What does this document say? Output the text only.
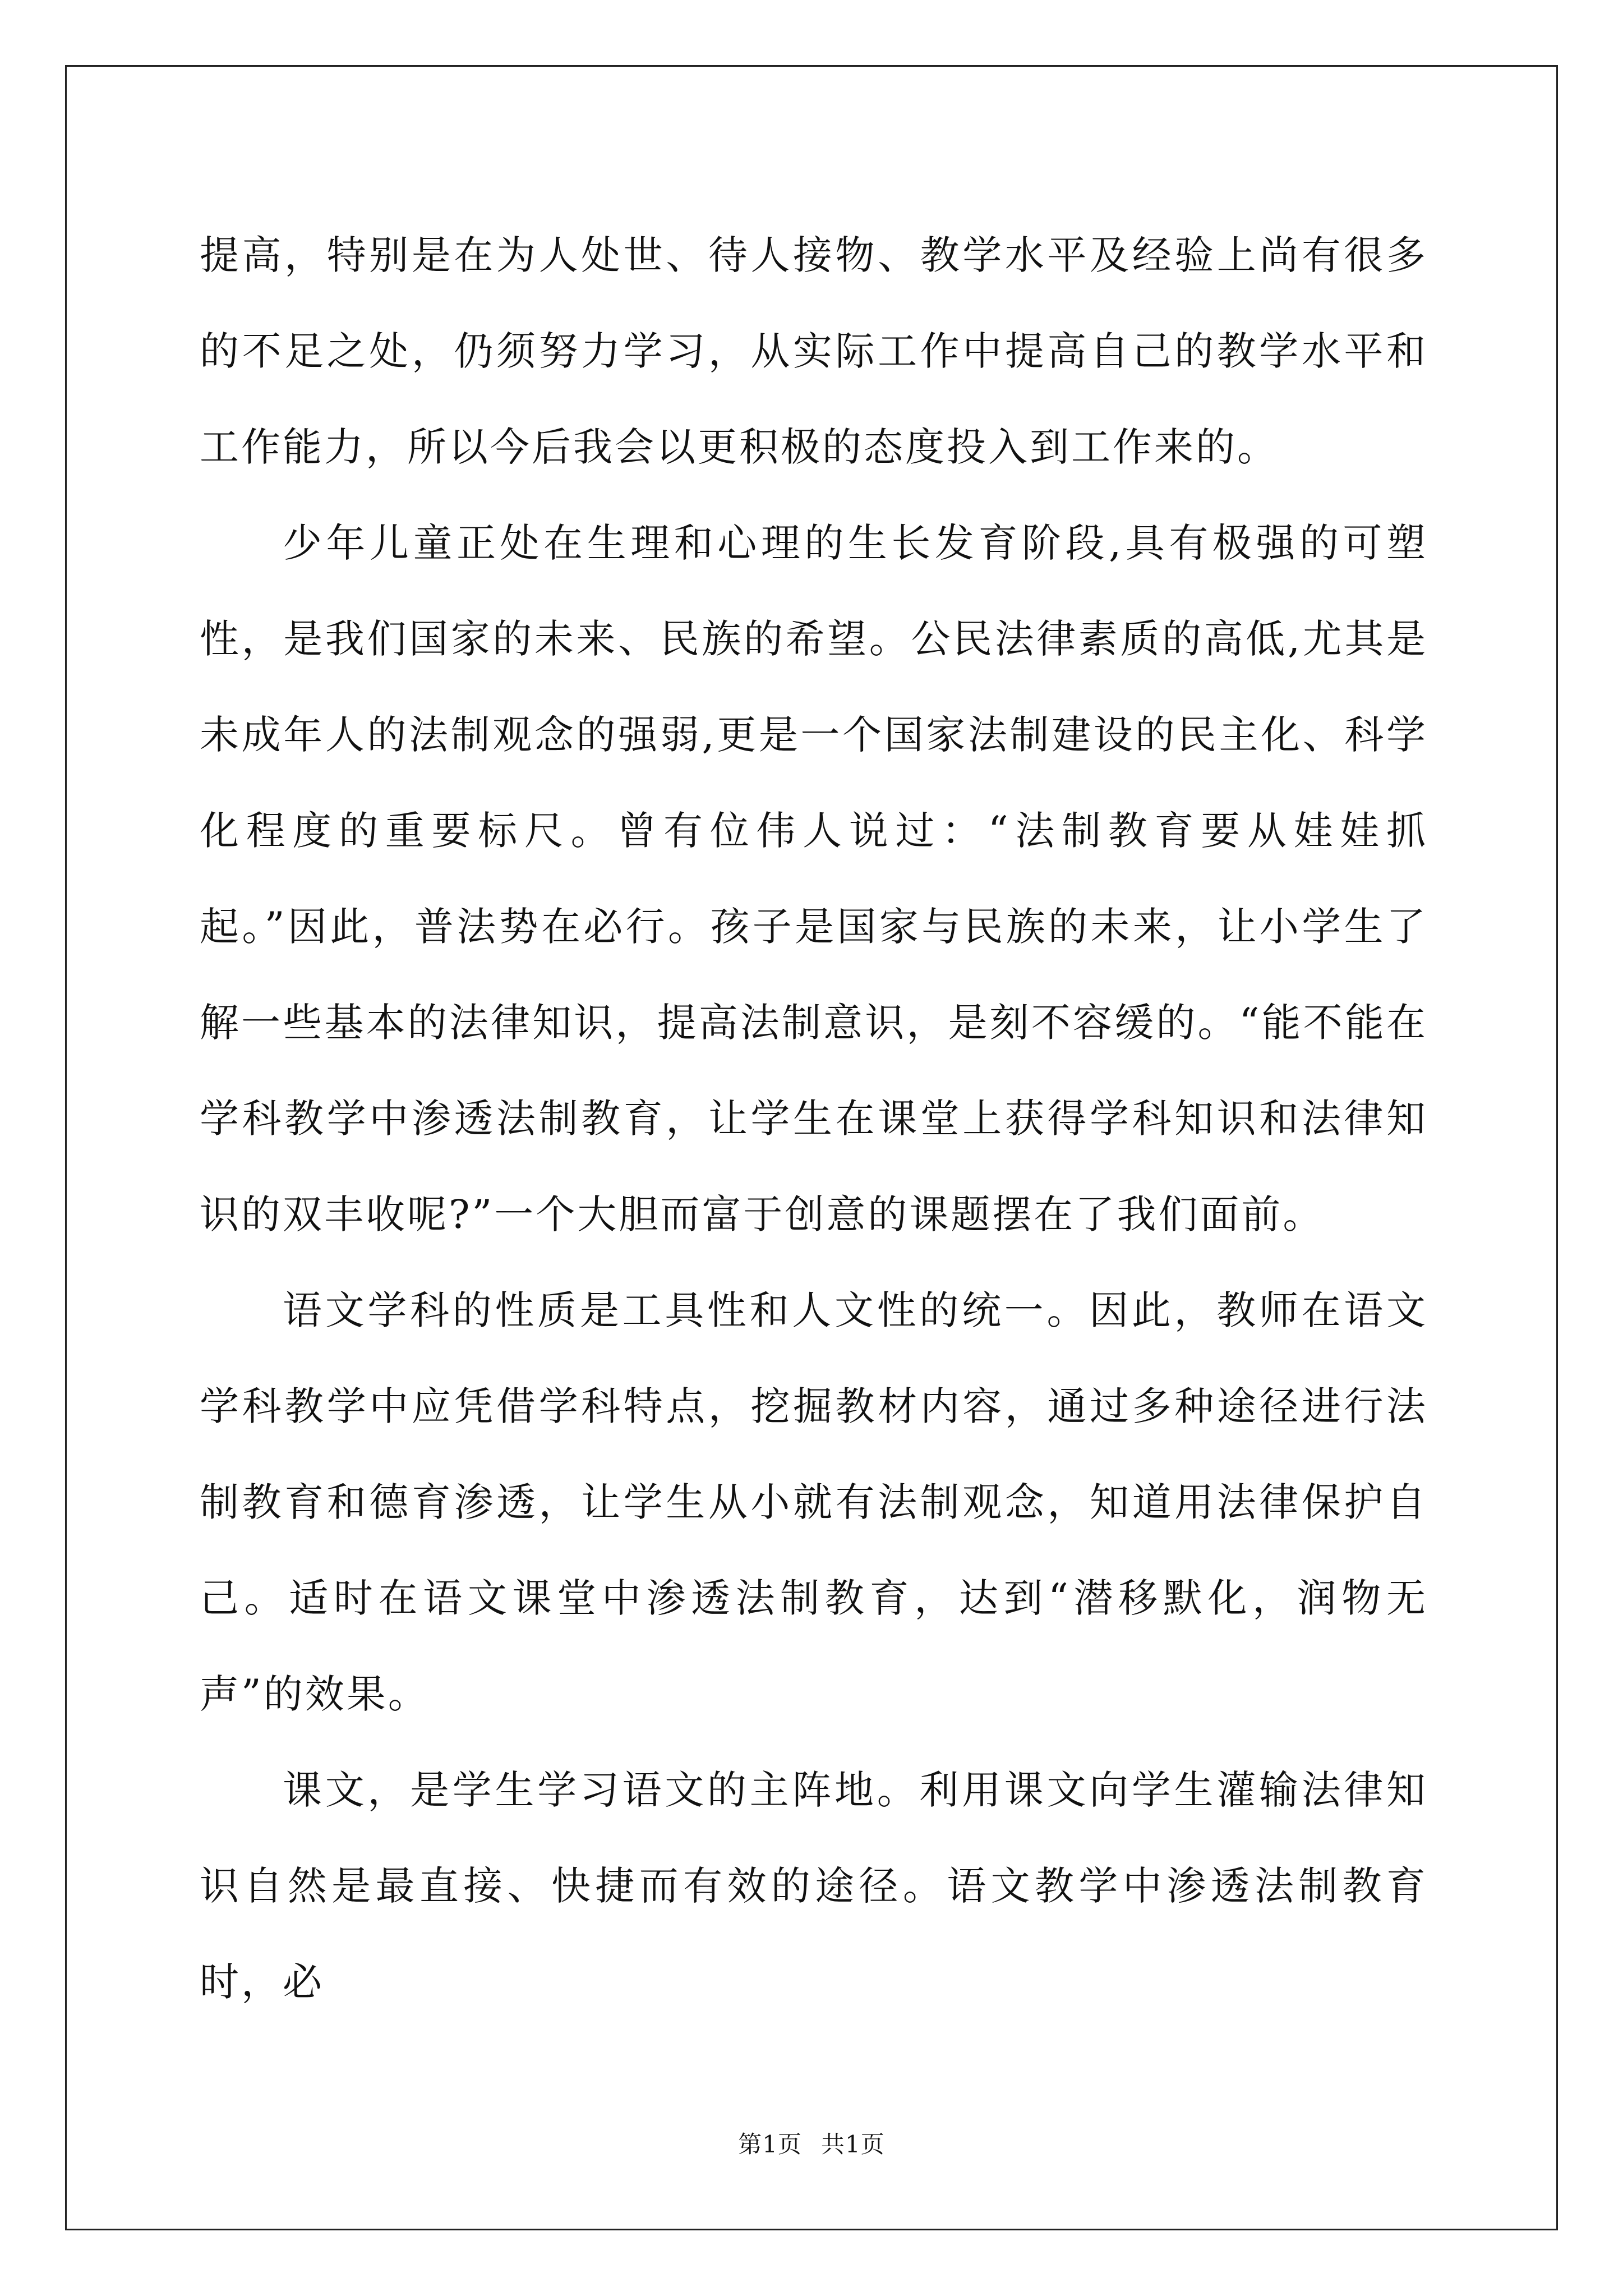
提高，特别是在为人处世、待人接物、教学水平及经验上尚有很多的不足之处，仍须努力学习，从实际工作中提高自己的教学水平和工作能力，所以今后我会以更积极的态度投入到工作来的。

少年儿童正处在生理和心理的生长发育阶段,具有极强的可塑性，是我们国家的未来、民族的希望。公民法律素质的高低,尤其是未成年人的法制观念的强弱,更是一个国家法制建设的民主化、科学化程度的重要标尺。曾有位伟人说过：“法制教育要从娃娃抓起。”因此，普法势在必行。孩子是国家与民族的未来，让小学生了解一些基本的法律知识，提高法制意识，是刻不容缓的。“能不能在学科教学中渗透法制教育，让学生在课堂上获得学科知识和法律知识的双丰收呢?”一个大胆而富于创意的课题摆在了我们面前。

语文学科的性质是工具性和人文性的统一。因此，教师在语文学科教学中应凭借学科特点，挖掘教材内容，通过多种途径进行法制教育和德育渗透，让学生从小就有法制观念，知道用法律保护自己。适时在语文课堂中渗透法制教育，达到“潜移默化，润物无声”的效果。

课文，是学生学习语文的主阵地。利用课文向学生灌输法律知识自然是最直接、快捷而有效的途径。语文教学中渗透法制教育时，必

第1页 共1页
